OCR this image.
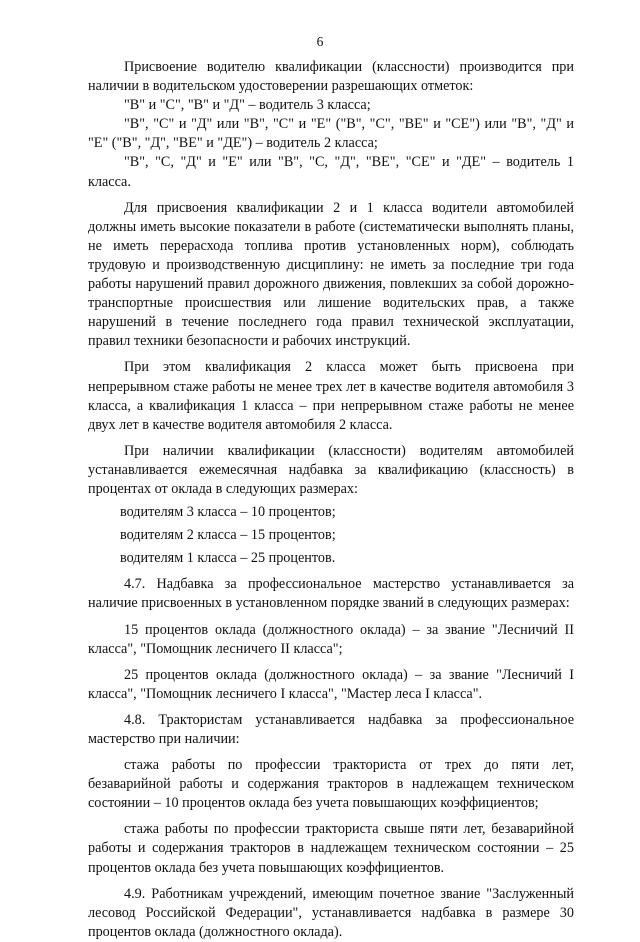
6

Присвоение водителю квалификации (классности) производится при наличии в водительском удостоверении разрешающих отметок:

"В" и "С", "В" и "Д" – водитель 3 класса;

"В", "С" и "Д" или "В", "С" и "Е" ("В", "С", "ВЕ" и "СЕ") или "В", "Д" и "Е" ("В", "Д", "ВЕ" и "ДЕ") – водитель 2 класса;

"В", "С, "Д" и "Е" или "В", "С, "Д", "ВЕ", "СЕ" и "ДЕ" – водитель 1 класса.

Для присвоения квалификации 2 и 1 класса водители автомобилей должны иметь высокие показатели в работе (систематически выполнять планы, не иметь перерасхода топлива против установленных норм), соблюдать трудовую и производственную дисциплину: не иметь за последние три года работы нарушений правил дорожного движения, повлекших за собой дорожно-транспортные происшествия или лишение водительских прав, а также нарушений в течение последнего года правил технической эксплуатации, правил техники безопасности и рабочих инструкций.

При этом квалификация 2 класса может быть присвоена при непрерывном стаже работы не менее трех лет в качестве водителя автомобиля 3 класса, а квалификация 1 класса – при непрерывном стаже работы не менее двух лет в качестве водителя автомобиля 2 класса.

При наличии квалификации (классности) водителям автомобилей устанавливается ежемесячная надбавка за квалификацию (классность) в процентах от оклада в следующих размерах:

водителям 3 класса – 10 процентов;

водителям 2 класса – 15 процентов;

водителям 1 класса – 25 процентов.

4.7. Надбавка за профессиональное мастерство устанавливается за наличие присвоенных в установленном порядке званий в следующих размерах:

15 процентов оклада (должностного оклада) – за звание "Лесничий II класса", "Помощник лесничего II класса";

25 процентов оклада (должностного оклада) – за звание "Лесничий I класса", "Помощник лесничего I класса", "Мастер леса I класса".

4.8. Трактористам устанавливается надбавка за профессиональное мастерство при наличии:

стажа работы по профессии тракториста от трех до пяти лет, безаварийной работы и содержания тракторов в надлежащем техническом состоянии – 10 процентов оклада без учета повышающих коэффициентов;

стажа работы по профессии тракториста свыше пяти лет, безаварийной работы и содержания тракторов в надлежащем техническом состоянии – 25 процентов оклада без учета повышающих коэффициентов.

4.9. Работникам учреждений, имеющим почетное звание "Заслуженный лесовод Российской Федерации", устанавливается надбавка в размере 30 процентов оклада (должностного оклада).
